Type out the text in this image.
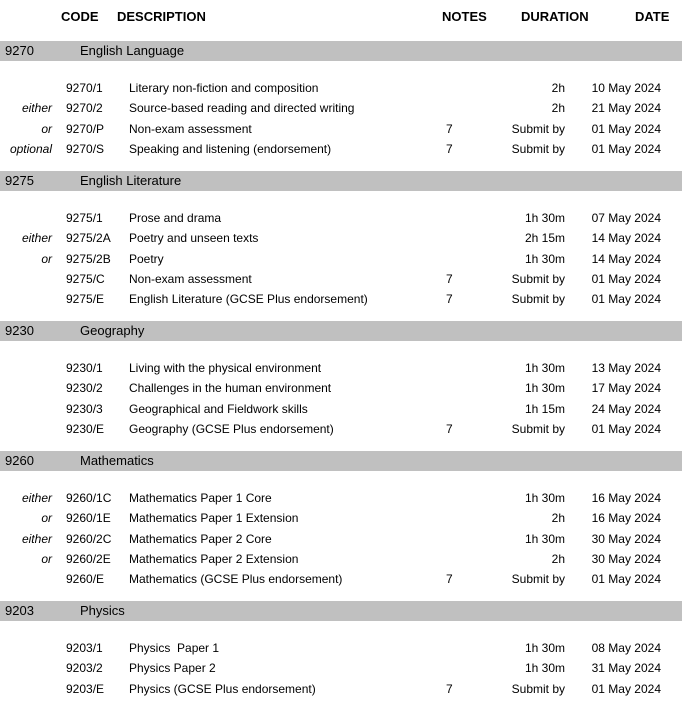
CODE DESCRIPTION	NOTES	DURATION	DATE
9270	English Language
9270/1 Literary non-fiction and composition	2h 10 May 2024
either 9270/2 Source-based reading and directed writing	2h 21 May 2024
or 9270/P Non-exam assessment	7	Submit by 01 May 2024
optional 9270/S Speaking and listening (endorsement)	7	Submit by 01 May 2024
9275	English Literature
9275/1 Prose and drama	1h 30m 07 May 2024
either 9275/2A Poetry and unseen texts	2h 15m 14 May 2024
or 9275/2B Poetry	1h 30m 14 May 2024
9275/C Non-exam assessment	7	Submit by 01 May 2024
9275/E English Literature (GCSE Plus endorsement)	7	Submit by 01 May 2024
9230	Geography
9230/1 Living with the physical environment	1h 30m 13 May 2024
9230/2 Challenges in the human environment	1h 30m 17 May 2024
9230/3 Geographical and Fieldwork skills	1h 15m 24 May 2024
9230/E Geography (GCSE Plus endorsement)	7	Submit by 01 May 2024
9260	Mathematics
either 9260/1C Mathematics Paper 1 Core	1h 30m 16 May 2024
or 9260/1E Mathematics Paper 1 Extension	2h 16 May 2024
either 9260/2C Mathematics Paper 2 Core	1h 30m 30 May 2024
or 9260/2E Mathematics Paper 2 Extension	2h 30 May 2024
9260/E Mathematics (GCSE Plus endorsement)	7	Submit by 01 May 2024
9203	Physics
9203/1 Physics  Paper 1	1h 30m 08 May 2024
9203/2 Physics Paper 2	1h 30m 31 May 2024
9203/E Physics (GCSE Plus endorsement)	7	Submit by 01 May 2024
